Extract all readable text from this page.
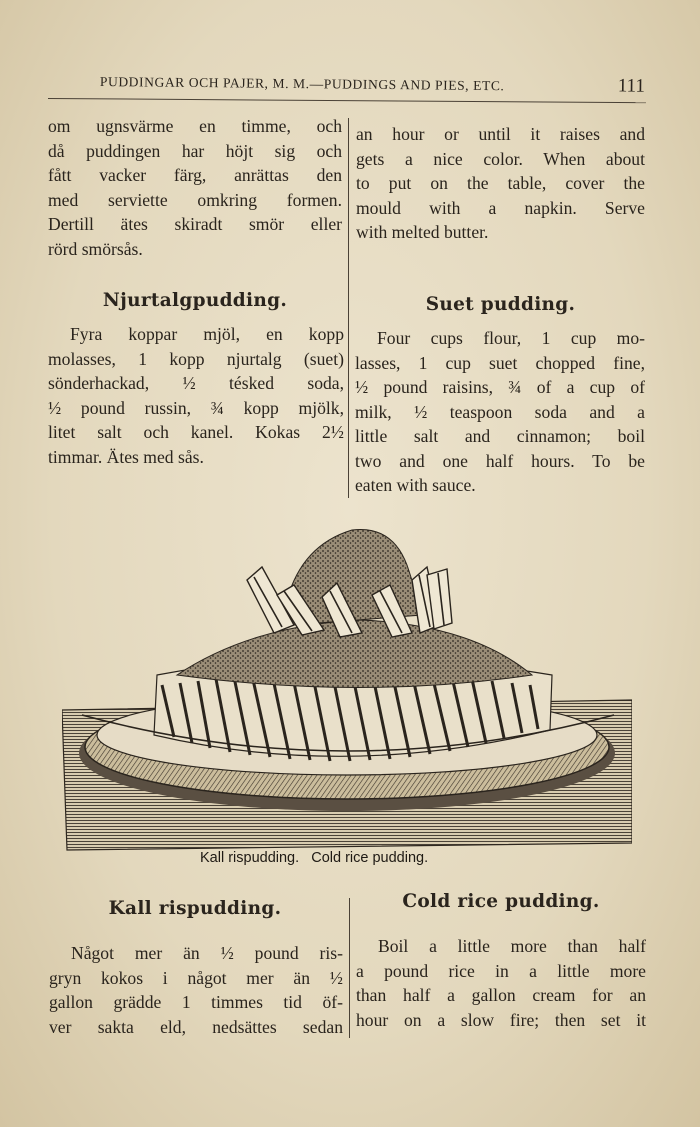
PUDDINGAR OCH PAJER, M. M.—PUDDINGS AND PIES, ETC.	111
om ugnsvärme en timme, och
då puddingen har höjt sig och
fått vacker färg, anrättas den
med serviette omkring formen.
Dertill ätes skiradt smör eller
rörd smörsås.
an hour or until it raises and
gets a nice color. When about
to put on the table, cover the
mould with a napkin. Serve
with melted butter.
Njurtalgpudding.	Suet pudding.
Fyra koppar mjöl, en kopp
molasses, 1 kopp njurtalg (suet)
sönderhackad, ½ tésked soda,
½ pound russin, ¾ kopp mjölk,
litet salt och kanel. Kokas 2½
timmar. Ätes med sås.
Four cups flour, 1 cup mo-
lasses, 1 cup suet chopped fine,
½ pound raisins, ¾ of a cup of
milk, ½ teaspoon soda and a
little salt and cinnamon; boil
two and one half hours. To be
eaten with sauce.
Kall rispudding.   Cold rice pudding.
Kall rispudding.	Cold rice pudding.
Något mer än ½ pound ris-
gryn kokos i något mer än ½
gallon grädde 1 timmes tid öf-
ver sakta eld, nedsättes sedan
Boil a little more than half
a pound rice in a little more
than half a gallon cream for an
hour on a slow fire; then set it
